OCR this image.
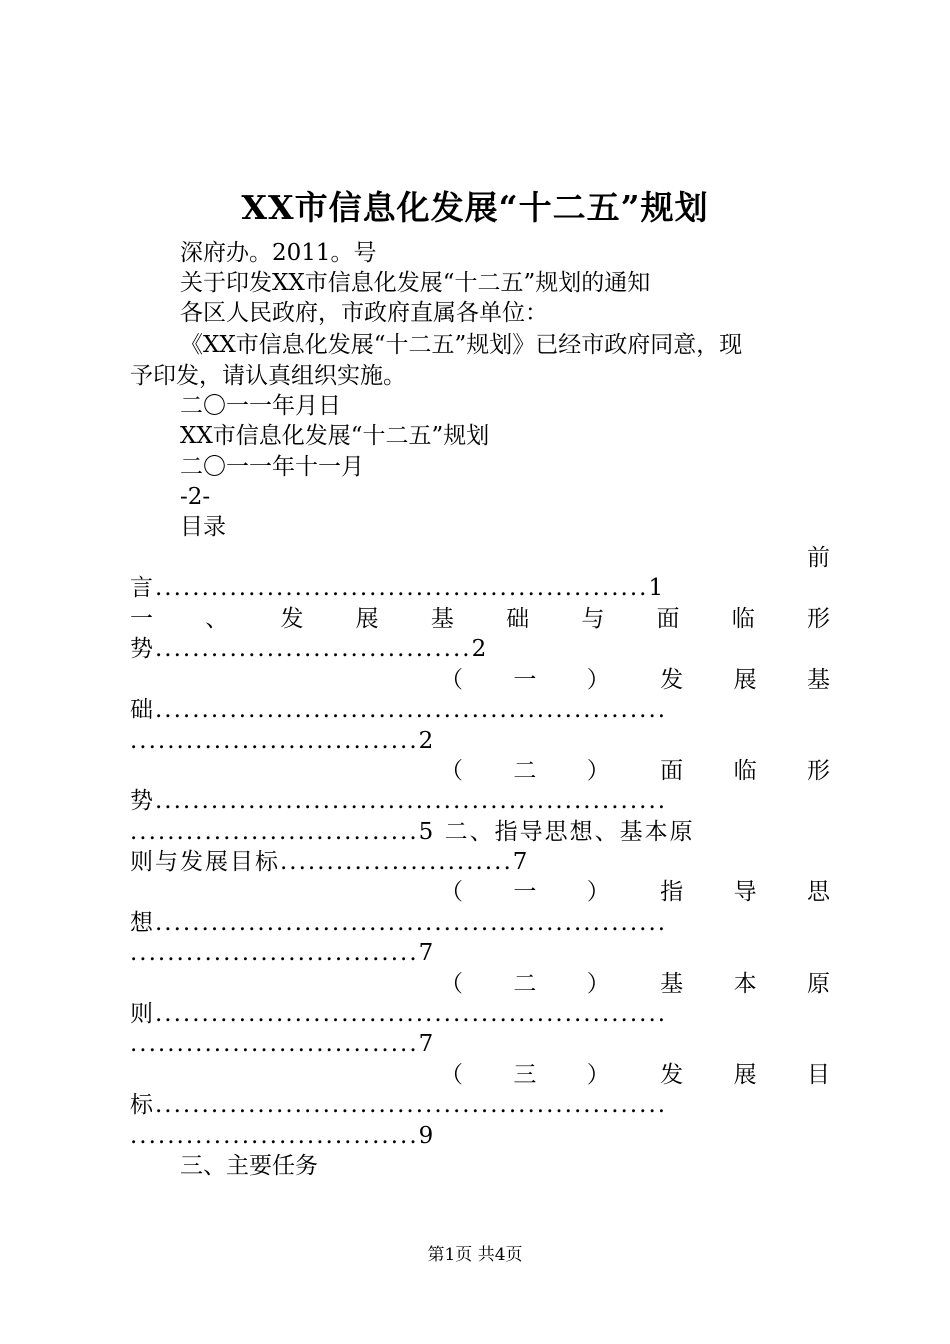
XX市信息化发展“十二五”规划
深府办。2011。号
关于印发XX市信息化发展“十二五”规划的通知
各区人民政府，市政府直属各单位：
《XX市信息化发展“十二五”规划》已经市政府同意，现
予印发，请认真组织实施。
二〇一一年月日
XX市信息化发展“十二五”规划
二〇一一年十一月
-2-
目录
前
言.....................................................1
一 、 发 展 基 础 与 面 临 形
势..................................2
（ 一 ） 发 展 基
础.......................................................
...............................2
（ 二 ） 面 临 形
势.......................................................
...............................5 二、指导思想、基本原
则与发展目标.........................7
（ 一 ） 指 导 思
想.......................................................
...............................7
（ 二 ） 基 本 原
则.......................................................
...............................7
（ 三 ） 发 展 目
标.......................................................
...............................9
三、主要任务
第1页 共4页
